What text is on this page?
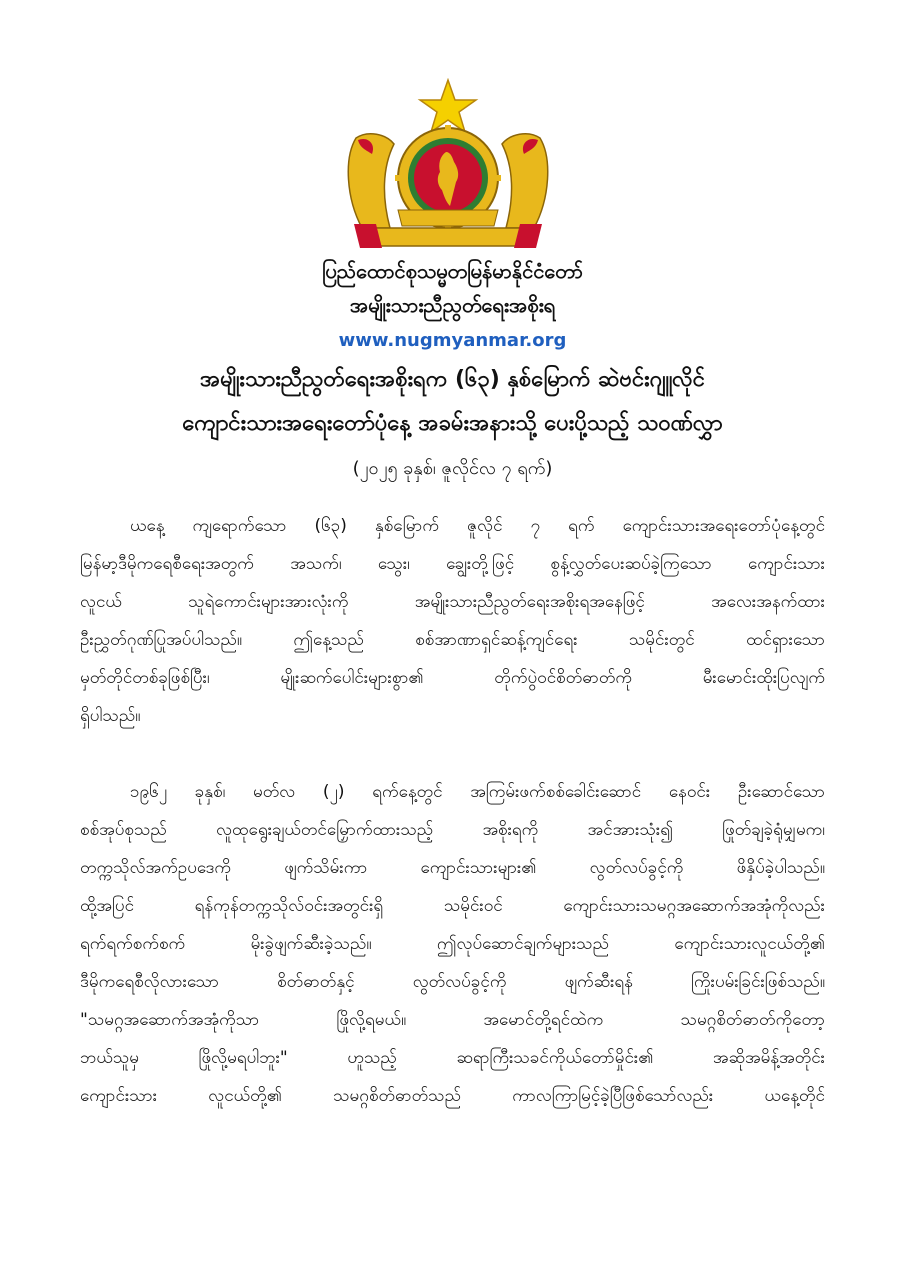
ပြည်ထောင်စုသမ္မတမြန်မာနိုင်ငံတော်
အမျိုးသားညီညွတ်ရေးအစိုးရ
www.nugmyanmar.org
အမျိုးသားညီညွတ်ရေးအစိုးရက (၆၃) နှစ်မြောက် ဆဲဗင်းဂျူလိုင်
ကျောင်းသားအရေးတော်ပုံနေ့ အခမ်းအနားသို့ ပေးပို့သည့် သဝဏ်လွှာ
(၂၀၂၅ ခုနှစ်၊ ဇူလိုင်လ ၇ ရက်)
ယနေ့ ကျရောက်သော (၆၃) နှစ်မြောက် ဇူလိုင် ၇ ရက် ကျောင်းသားအရေးတော်ပုံနေ့တွင်
မြန်မာ့ဒီမိုကရေစီရေးအတွက် အသက်၊ သွေး၊ ချွေးတို့ဖြင့် စွန့်လွှတ်ပေးဆပ်ခဲ့ကြသော ကျောင်းသား
လူငယ် သူရဲကောင်းများအားလုံးကို အမျိုးသားညီညွတ်ရေးအစိုးရအနေဖြင့် အလေးအနက်ထား
ဦးညွှတ်ဂုဏ်ပြုအပ်ပါသည်။ ဤနေ့သည် စစ်အာဏာရှင်ဆန့်ကျင်ရေး သမိုင်းတွင် ထင်ရှားသော
မှတ်တိုင်တစ်ခုဖြစ်ပြီး၊ မျိုးဆက်ပေါင်းများစွာ၏ တိုက်ပွဲဝင်စိတ်ဓာတ်ကို မီးမောင်းထိုးပြလျက်
ရှိပါသည်။
၁၉၆၂ ခုနှစ်၊ မတ်လ (၂) ရက်နေ့တွင် အကြမ်းဖက်စစ်ခေါင်းဆောင် နေဝင်း ဦးဆောင်သော
စစ်အုပ်စုသည် လူထုရွေးချယ်တင်မြှောက်ထားသည့် အစိုးရကို အင်အားသုံး၍ ဖြုတ်ချခဲ့ရုံမျှမက၊
တက္ကသိုလ်အက်ဥပဒေကို ဖျက်သိမ်းကာ ကျောင်းသားများ၏ လွတ်လပ်ခွင့်ကို ဖိနှိပ်ခဲ့ပါသည်။
ထို့အပြင် ရန်ကုန်တက္ကသိုလ်ဝင်းအတွင်းရှိ သမိုင်းဝင် ကျောင်းသားသမဂ္ဂအဆောက်အအုံကိုလည်း
ရက်ရက်စက်စက် မိုးခွဲဖျက်ဆီးခဲ့သည်။ ဤလုပ်ဆောင်ချက်များသည် ကျောင်းသားလူငယ်တို့၏
ဒီမိုကရေစီလိုလားသော စိတ်ဓာတ်နှင့် လွတ်လပ်ခွင့်ကို ဖျက်ဆီးရန် ကြိုးပမ်းခြင်းဖြစ်သည်။
"သမဂ္ဂအဆောက်အအုံကိုသာ ဖြိုလို့ရမယ်။ အမောင်တို့ရင်ထဲက သမဂ္ဂစိတ်ဓာတ်ကိုတော့
ဘယ်သူမှ ဖြိုလို့မရပါဘူး" ဟူသည့် ဆရာကြီးသခင်ကိုယ်တော်မှိုင်း၏ အဆိုအမိန့်အတိုင်း
ကျောင်းသား လူငယ်တို့၏ သမဂ္ဂစိတ်ဓာတ်သည် ကာလကြာမြင့်ခဲ့ပြီဖြစ်သော်လည်း ယနေ့တိုင်
